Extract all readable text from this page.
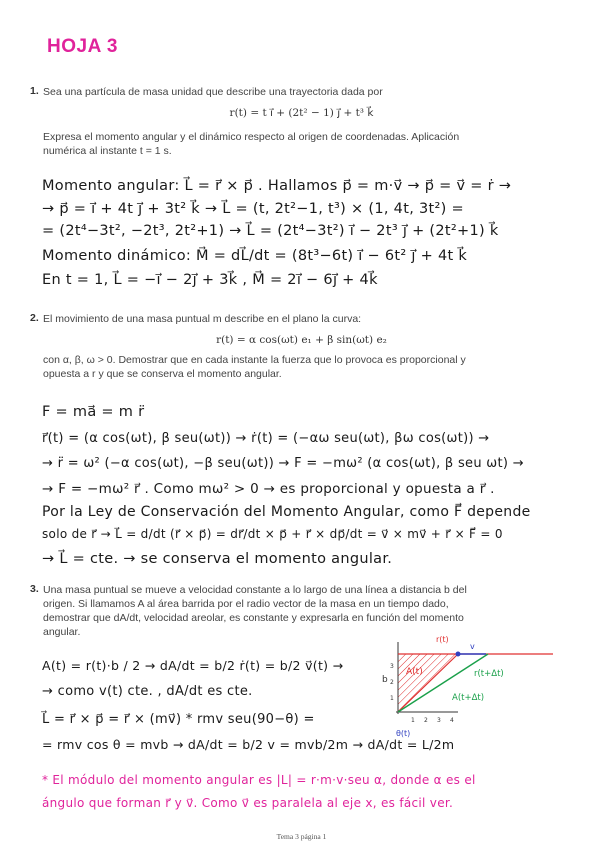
HOJA 3
1. Sea una partícula de masa unidad que describe una trayectoria dada por
r(t) = t i⃗ + (2t² − 1) j⃗ + t³ k⃗
Expresa el momento angular y el dinámico respecto al origen de coordenadas. Aplicación
numérica al instante t = 1 s.
Momento angular: L⃗ = r⃗ × p⃗ . Hallamos p⃗ = m·v⃗ → p⃗ = v⃗ = ṙ →
→ p⃗ = i⃗ + 4t j⃗ + 3t² k⃗ → L⃗ = (t, 2t²−1, t³) × (1, 4t, 3t²) =
= (2t⁴−3t², −2t³, 2t²+1) → L⃗ = (2t⁴−3t²) i⃗ − 2t³ j⃗ + (2t²+1) k⃗
Momento dinámico: M⃗ = dL⃗/dt = (8t³−6t) i⃗ − 6t² j⃗ + 4t k⃗
En t = 1, L⃗ = −i⃗ − 2j⃗ + 3k⃗ , M⃗ = 2i⃗ − 6j⃗ + 4k⃗
2. El movimiento de una masa puntual m describe en el plano la curva:
r(t) = α cos(ωt) e₁ + β sin(ωt) e₂
con α, β, ω > 0. Demostrar que en cada instante la fuerza que lo provoca es proporcional y
opuesta a r y que se conserva el momento angular.
F = ma⃗ = m r̈
r⃗(t) = (α cos(ωt), β seu(ωt)) → ṙ(t) = (−αω seu(ωt), βω cos(ωt)) →
→ r̈ = ω² (−α cos(ωt), −β seu(ωt)) → F = −mω² (α cos(ωt), β seu ωt) →
→ F = −mω² r⃗ . Como mω² > 0 → es proporcional y opuesta a r⃗ .
Por la Ley de Conservación del Momento Angular, como F⃗ depende
solo de r⃗ → L⃗ = d/dt (r⃗ × p⃗) = dr⃗/dt × p⃗ + r⃗ × dp⃗/dt = v⃗ × mv⃗ + r⃗ × F⃗ = 0
→ L⃗ = cte. → se conserva el momento angular.
3. Una masa puntual se mueve a velocidad constante a lo largo de una línea a distancia b del
origen. Si llamamos A al área barrida por el radio vector de la masa en un tiempo dado,
demostrar que dA/dt, velocidad areolar, es constante y expresarla en función del momento
angular.
A(t) = r(t)·b / 2 → dA/dt = b/2 ṙ(t) = b/2 v⃗(t) →
→ como v(t) cte. , dA/dt es cte.
L⃗ = r⃗ × p⃗ = r⃗ × (mv⃗) * rmv seu(90−θ) =
= rmv cos θ = mvb → dA/dt = b/2 v = mvb/2m → dA/dt = L/2m
* El módulo del momento angular es |L| = r·m·v·seu α, donde α es el
ángulo que forman r⃗ y v⃗. Como v⃗ es paralela al eje x, es fácil ver.
1 2 3 4
1
2
3
r(t)
A(t)
v
r(t+Δt)
A(t+Δt)
θ(t)
b
Tema 3 página 1
